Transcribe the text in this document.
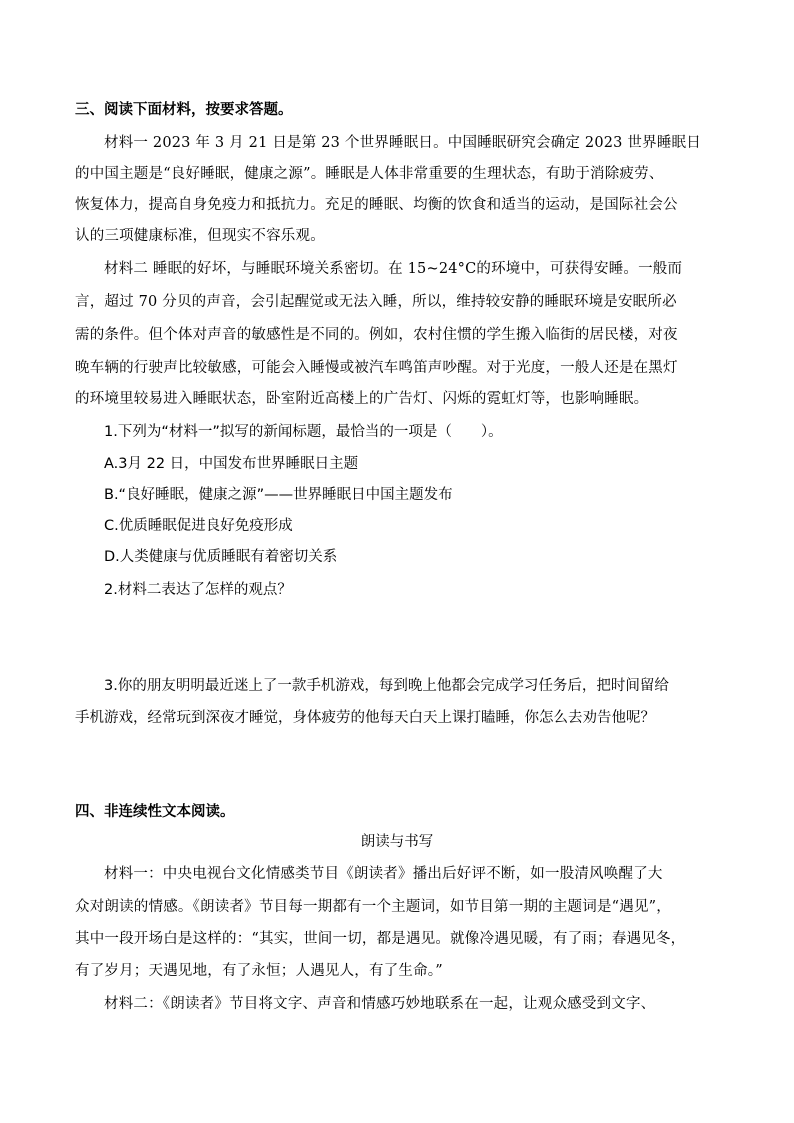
三、阅读下面材料，按要求答题。
材料一 2023 年 3 月 21 日是第 23 个世界睡眠日。中国睡眠研究会确定 2023 世界睡眠日
的中国主题是“良好睡眠，健康之源”。睡眠是人体非常重要的生理状态，有助于消除疲劳、
恢复体力，提高自身免疫力和抵抗力。充足的睡眠、均衡的饮食和适当的运动，是国际社会公
认的三项健康标准，但现实不容乐观。
材料二 睡眠的好坏，与睡眠环境关系密切。在 15~24°C的环境中，可获得安睡。一般而
言，超过 70 分贝的声音，会引起醒觉或无法入睡，所以，维持较安静的睡眠环境是安眠所必
需的条件。但个体对声音的敏感性是不同的。例如，农村住惯的学生搬入临街的居民楼，对夜
晚车辆的行驶声比较敏感，可能会入睡慢或被汽车鸣笛声吵醒。对于光度，一般人还是在黑灯
的环境里较易进入睡眠状态，卧室附近高楼上的广告灯、闪烁的霓虹灯等，也影响睡眠。
1.下列为“材料一”拟写的新闻标题，最恰当的一项是（　　）。
A.3月 22 日，中国发布世界睡眠日主题
B.“良好睡眠，健康之源”——世界睡眠日中国主题发布
C.优质睡眠促进良好免疫形成
D.人类健康与优质睡眠有着密切关系
2.材料二表达了怎样的观点？
3.你的朋友明明最近迷上了一款手机游戏，每到晚上他都会完成学习任务后，把时间留给
手机游戏，经常玩到深夜才睡觉，身体疲劳的他每天白天上课打瞌睡，你怎么去劝告他呢？
四、非连续性文本阅读。
朗读与书写
材料一：中央电视台文化情感类节目《朗读者》播出后好评不断，如一股清风唤醒了大
众对朗读的情感。《朗读者》节目每一期都有一个主题词，如节目第一期的主题词是“遇见”，
其中一段开场白是这样的：“其实，世间一切，都是遇见。就像冷遇见暖，有了雨；春遇见冬，
有了岁月；天遇见地，有了永恒；人遇见人，有了生命。”
材料二：《朗读者》节目将文字、声音和情感巧妙地联系在一起，让观众感受到文字、
